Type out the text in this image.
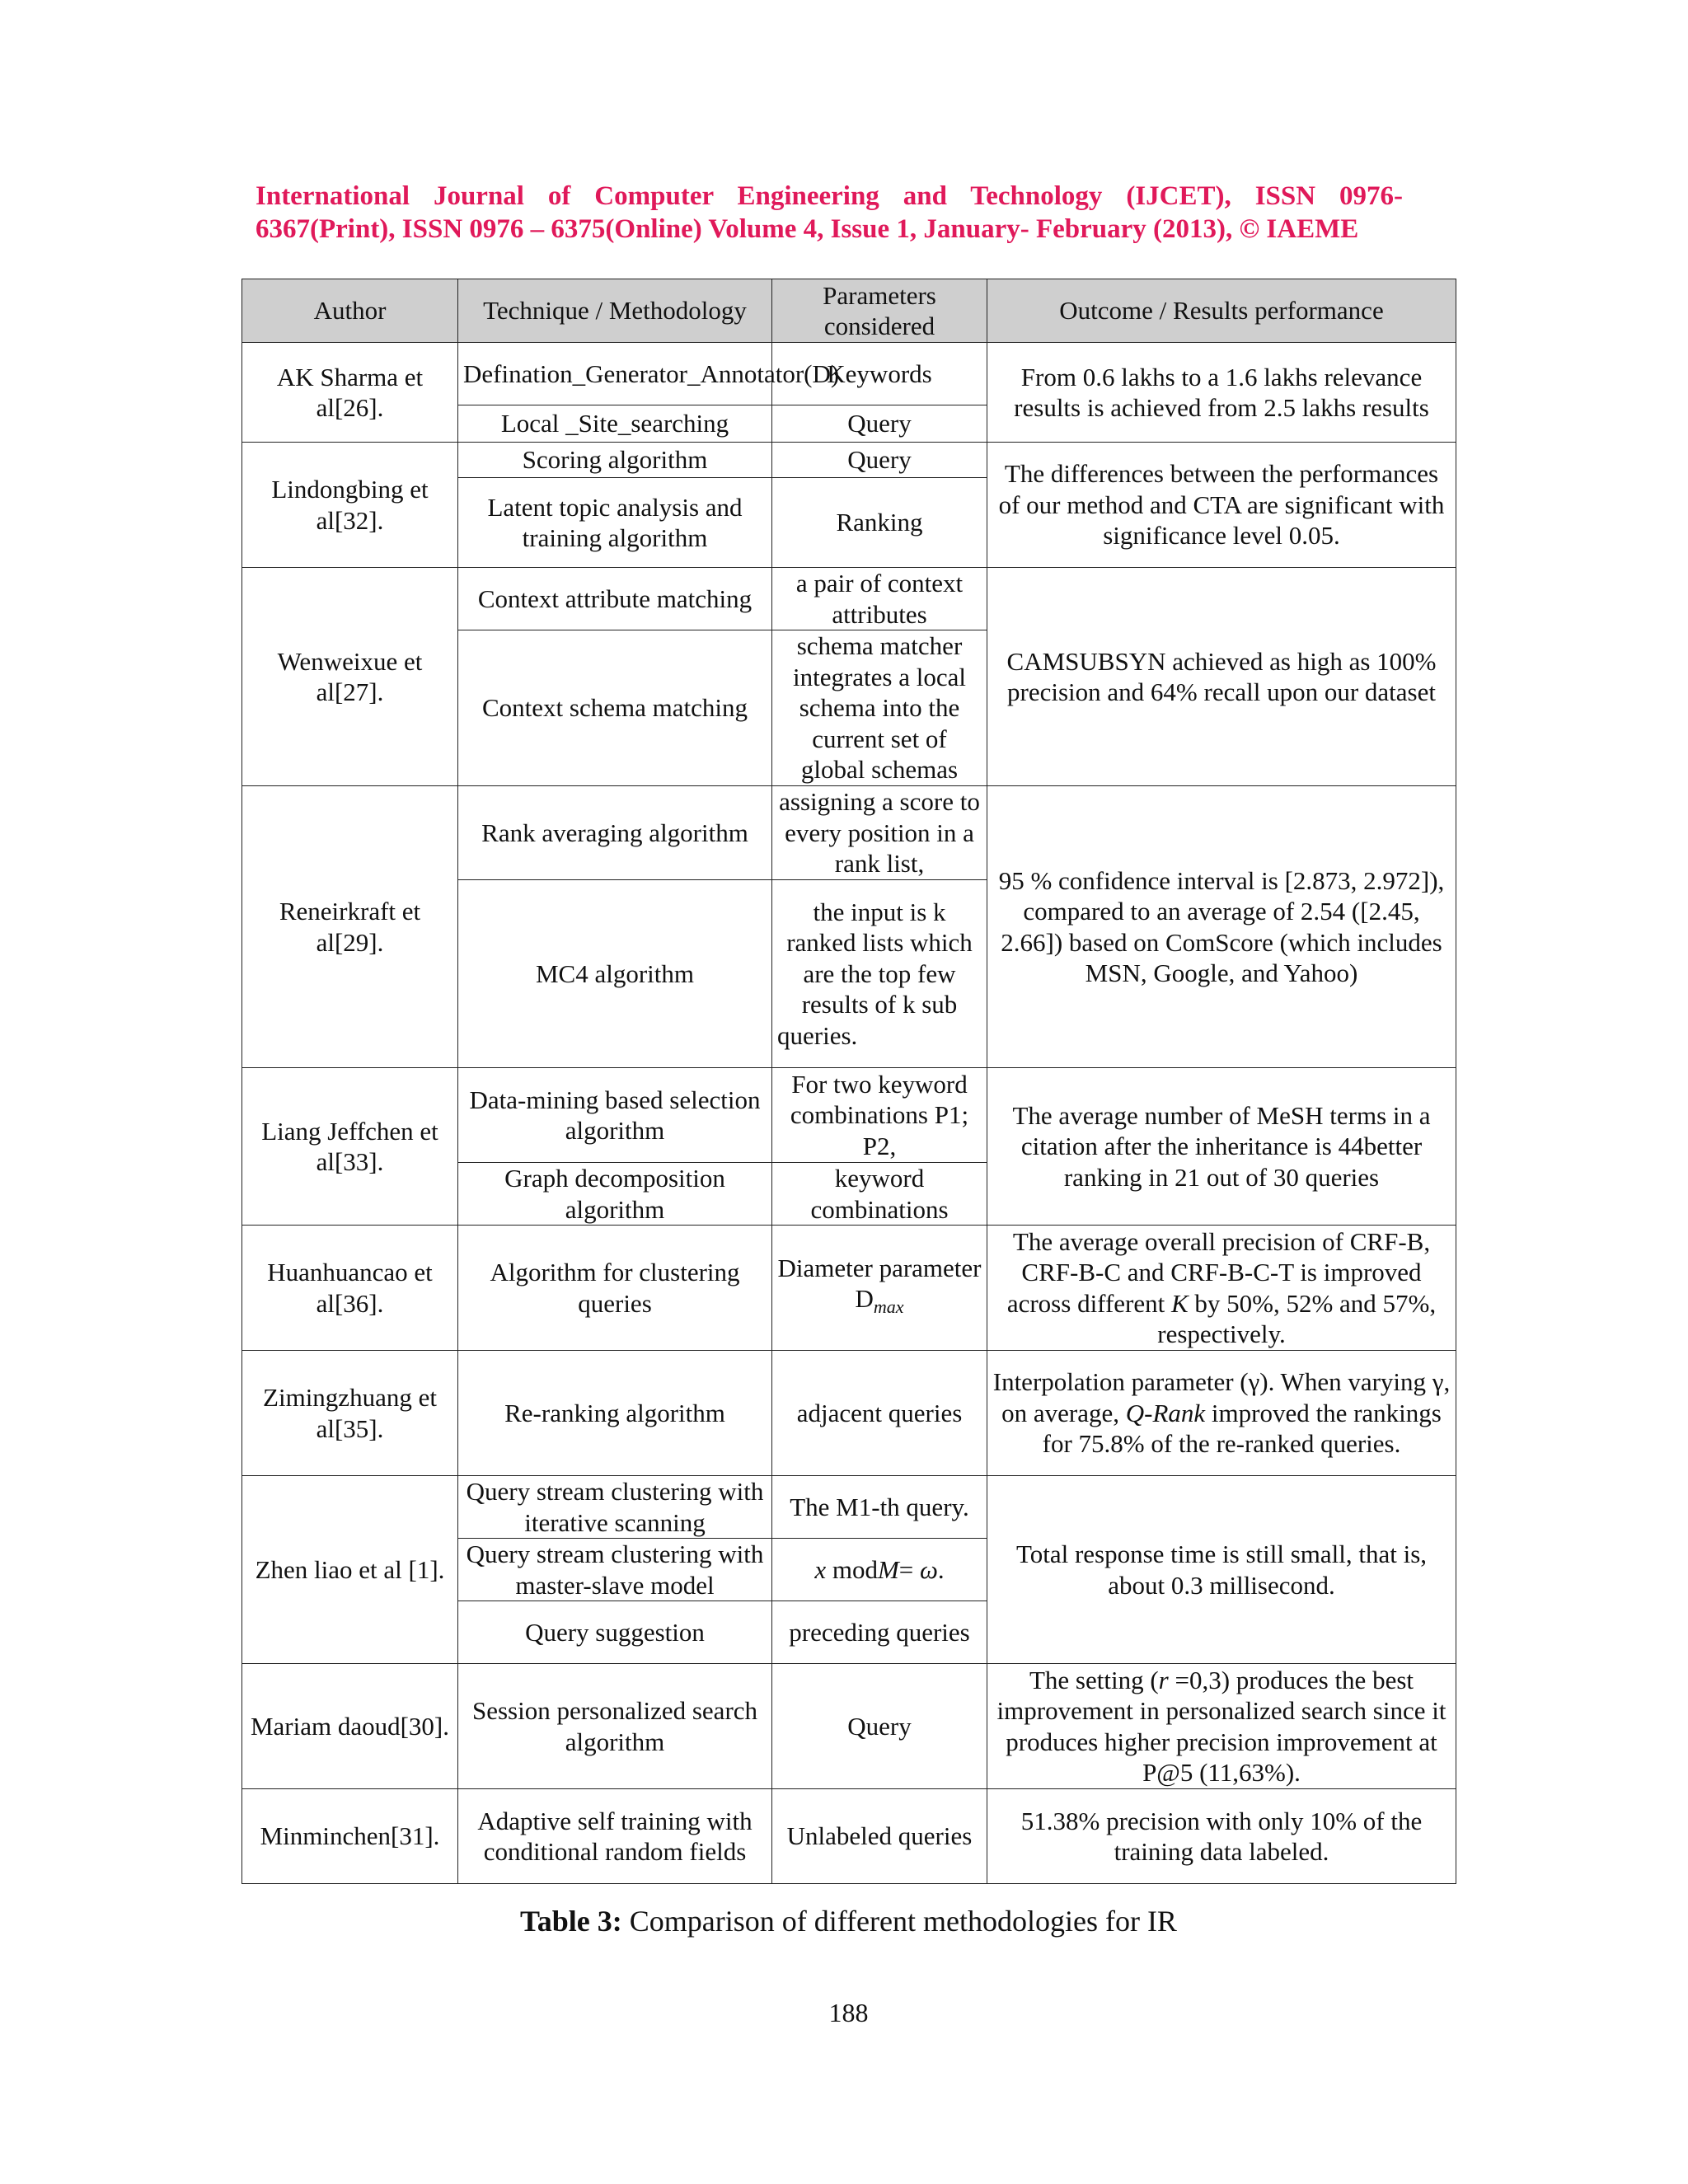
International Journal of Computer Engineering and Technology (IJCET), ISSN 0976-
6367(Print), ISSN 0976 – 6375(Online) Volume 4, Issue 1, January- February (2013), © IAEME
Author	Technique / Methodology	Parameters considered	Outcome / Results performance
AK Sharma et al[26].	Defination_Generator_Annotator(D)	Keywords	From 0.6 lakhs to a 1.6 lakhs relevance results is achieved from 2.5 lakhs results
	Local _Site_searching	Query	
Lindongbing et al[32].	Scoring algorithm	Query	The differences between the performances of our method and CTA are significant with significance level 0.05.
	Latent topic analysis and training algorithm	Ranking	
Wenweixue et al[27].	Context attribute matching	a pair of context attributes	CAMSUBSYN achieved as high as 100% precision and 64% recall upon our dataset
	Context schema matching	schema matcher integrates a local schema into the current set of global schemas	
Reneirkraft et al[29].	Rank averaging algorithm	assigning a score to every position in a rank list,	95 % confidence interval is [2.873, 2.972]), compared to an average of 2.54 ([2.45, 2.66]) based on ComScore (which includes MSN, Google, and Yahoo)
	MC4 algorithm	the input is k ranked lists which are the top few results of k sub queries.	
Liang Jeffchen et al[33].	Data-mining based selection algorithm	For two keyword combinations P1; P2,	The average number of MeSH terms in a citation after the inheritance is 44better ranking in 21 out of 30 queries
	Graph decomposition algorithm	keyword combinations	
Huanhuancao et al[36].	Algorithm for clustering queries	Diameter parameter $D_{max}$	The average overall precision of CRF-B, CRF-B-C and CRF-B-C-T is improved across different K by 50%, 52% and 57%, respectively.
Zimingzhuang et al[35].	Re-ranking algorithm	adjacent queries	Interpolation parameter (γ). When varying γ, on average, Q-Rank improved the rankings for 75.8% of the re-ranked queries.
Zhen liao et al [1].	Query stream clustering with iterative scanning	The M1-th query.	Total response time is still small, that is, about 0.3 millisecond.
	Query stream clustering with master-slave model	x modM= ω.	
	Query suggestion	preceding queries	
Mariam daoud[30].	Session personalized search algorithm	Query	The setting (r =0,3) produces the best improvement in personalized search since it produces higher precision improvement at P@5 (11,63%).
Minminchen[31].	Adaptive self training with conditional random fields	Unlabeled queries	51.38% precision with only 10% of the training data labeled.
Table 3: Comparison of different methodologies for IR
188
